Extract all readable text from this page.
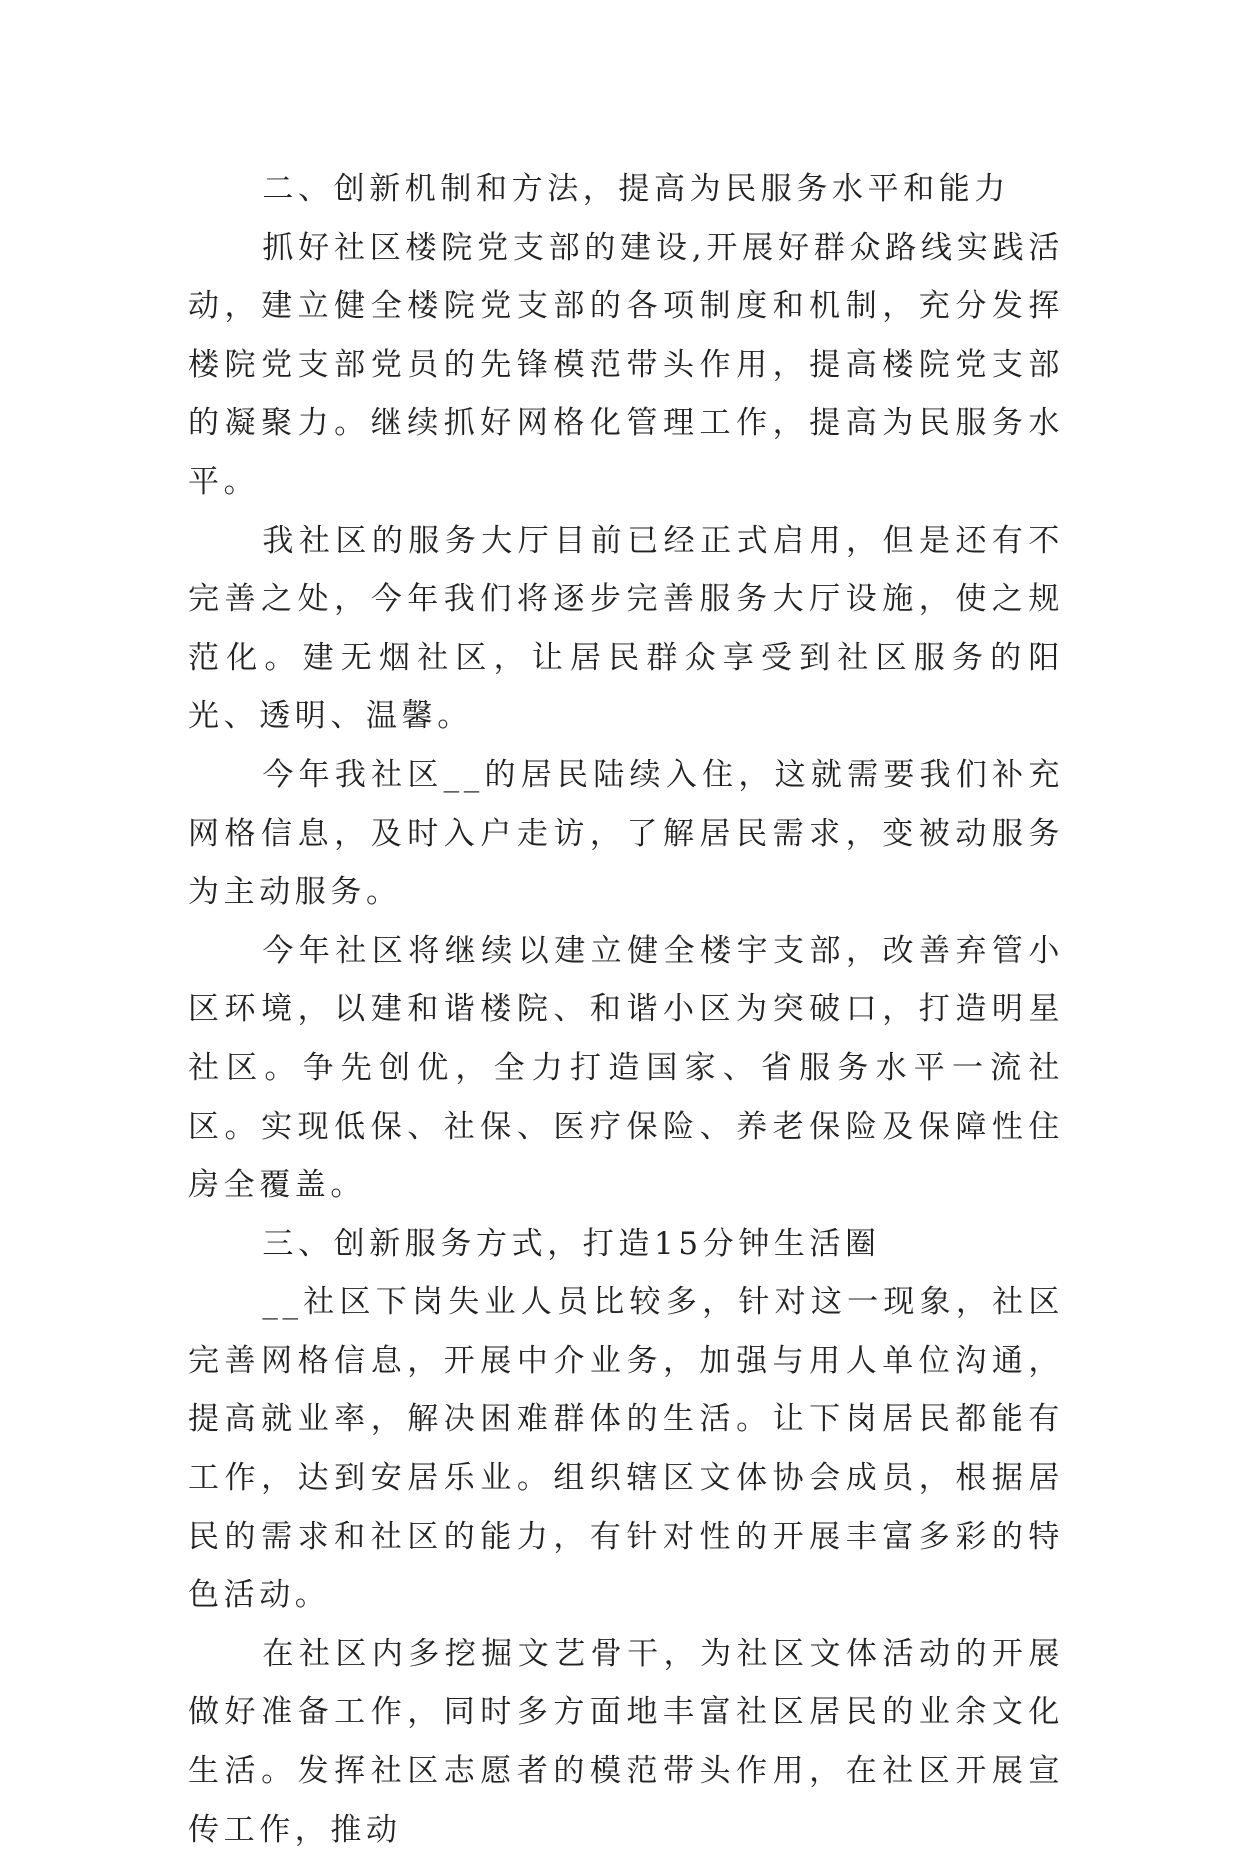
二、创新机制和方法，提高为民服务水平和能力

抓好社区楼院党支部的建设,开展好群众路线实践活动，建立健全楼院党支部的各项制度和机制，充分发挥楼院党支部党员的先锋模范带头作用，提高楼院党支部的凝聚力。继续抓好网格化管理工作，提高为民服务水平。

我社区的服务大厅目前已经正式启用，但是还有不完善之处，今年我们将逐步完善服务大厅设施，使之规范化。建无烟社区，让居民群众享受到社区服务的阳光、透明、温馨。

今年我社区__的居民陆续入住，这就需要我们补充网格信息，及时入户走访，了解居民需求，变被动服务为主动服务。

今年社区将继续以建立健全楼宇支部，改善弃管小区环境，以建和谐楼院、和谐小区为突破口，打造明星社区。争先创优，全力打造国家、省服务水平一流社区。实现低保、社保、医疗保险、养老保险及保障性住房全覆盖。

三、创新服务方式，打造15分钟生活圈

__社区下岗失业人员比较多，针对这一现象，社区完善网格信息，开展中介业务，加强与用人单位沟通，提高就业率，解决困难群体的生活。让下岗居民都能有工作，达到安居乐业。组织辖区文体协会成员，根据居民的需求和社区的能力，有针对性的开展丰富多彩的特色活动。

在社区内多挖掘文艺骨干，为社区文体活动的开展做好准备工作，同时多方面地丰富社区居民的业余文化生活。发挥社区志愿者的模范带头作用，在社区开展宣传工作，推动
